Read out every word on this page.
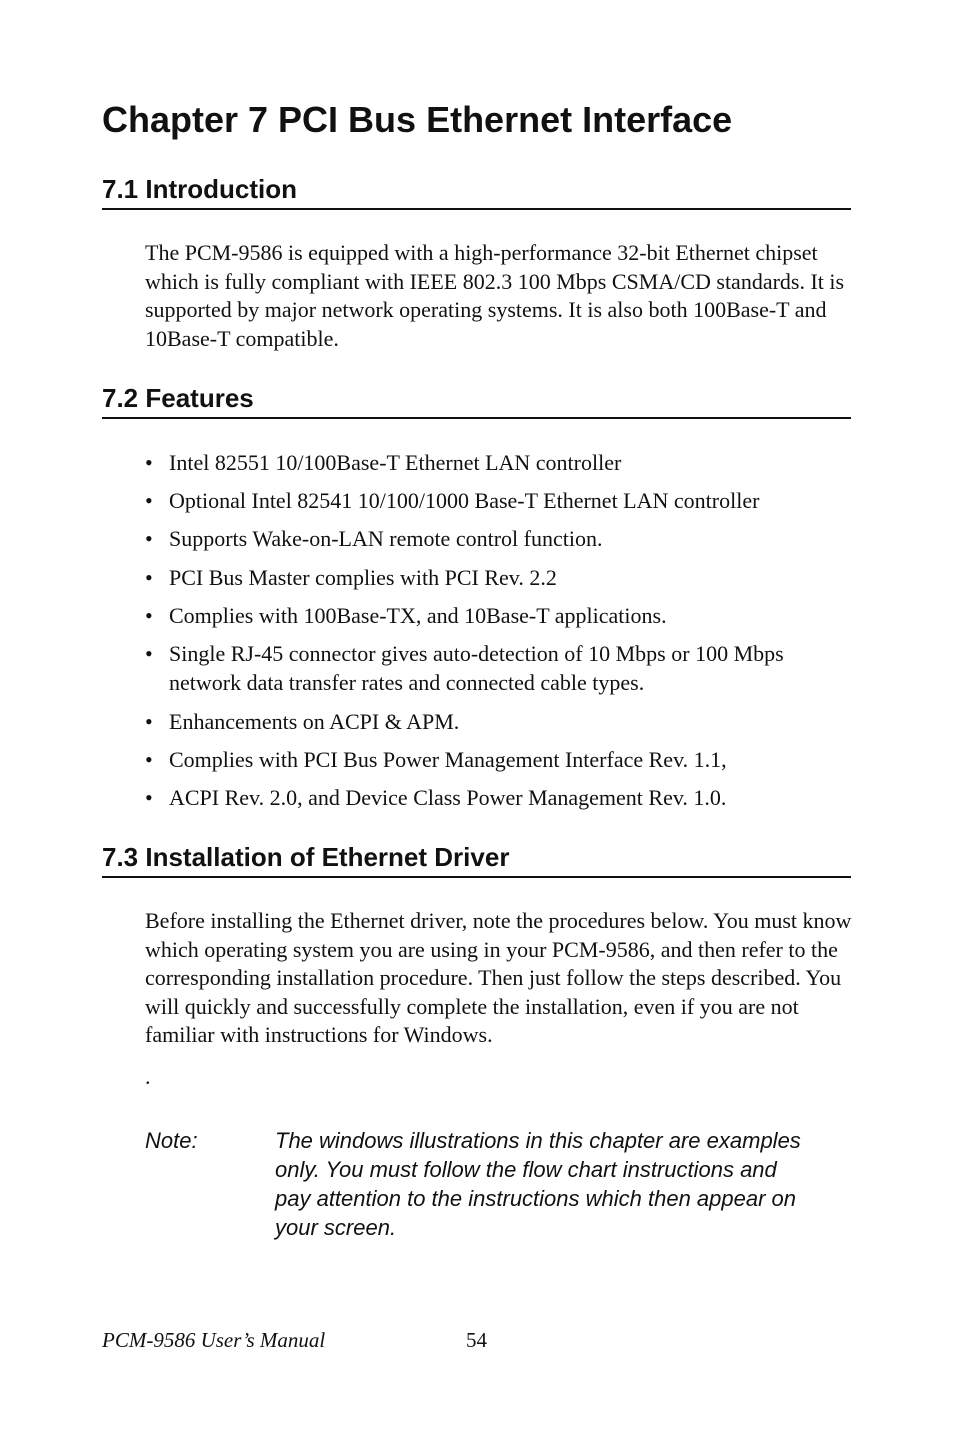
Chapter 7 PCI Bus Ethernet Interface
7.1 Introduction

The PCM-9586 is equipped with a high-performance 32-bit Ethernet chipset which is fully compliant with IEEE 802.3 100 Mbps CSMA/CD standards. It is supported by major network operating systems. It is also both 100Base-T and 10Base-T compatible.

7.2 Features
• Intel 82551 10/100Base-T Ethernet LAN controller
• Optional Intel 82541 10/100/1000 Base-T Ethernet LAN controller
• Supports Wake-on-LAN remote control function.
• PCI Bus Master complies with PCI Rev. 2.2
• Complies with 100Base-TX, and 10Base-T applications.
• Single RJ-45 connector gives auto-detection of 10 Mbps or 100 Mbps network data transfer rates and connected cable types.
• Enhancements on ACPI & APM.
• Complies with PCI Bus Power Management Interface Rev. 1.1,
• ACPI Rev. 2.0, and Device Class Power Management Rev. 1.0.
7.3 Installation of Ethernet Driver

Before installing the Ethernet driver, note the procedures below. You must know which operating system you are using in your PCM-9586, and then refer to the corresponding installation procedure. Then just follow the steps described. You will quickly and successfully complete the installation, even if you are not familiar with instructions for Windows.

.

Note:	The windows illustrations in this chapter are examples only. You must follow the flow chart instructions and pay attention to the instructions which then appear on your screen.
PCM-9586 User’s Manual	54
